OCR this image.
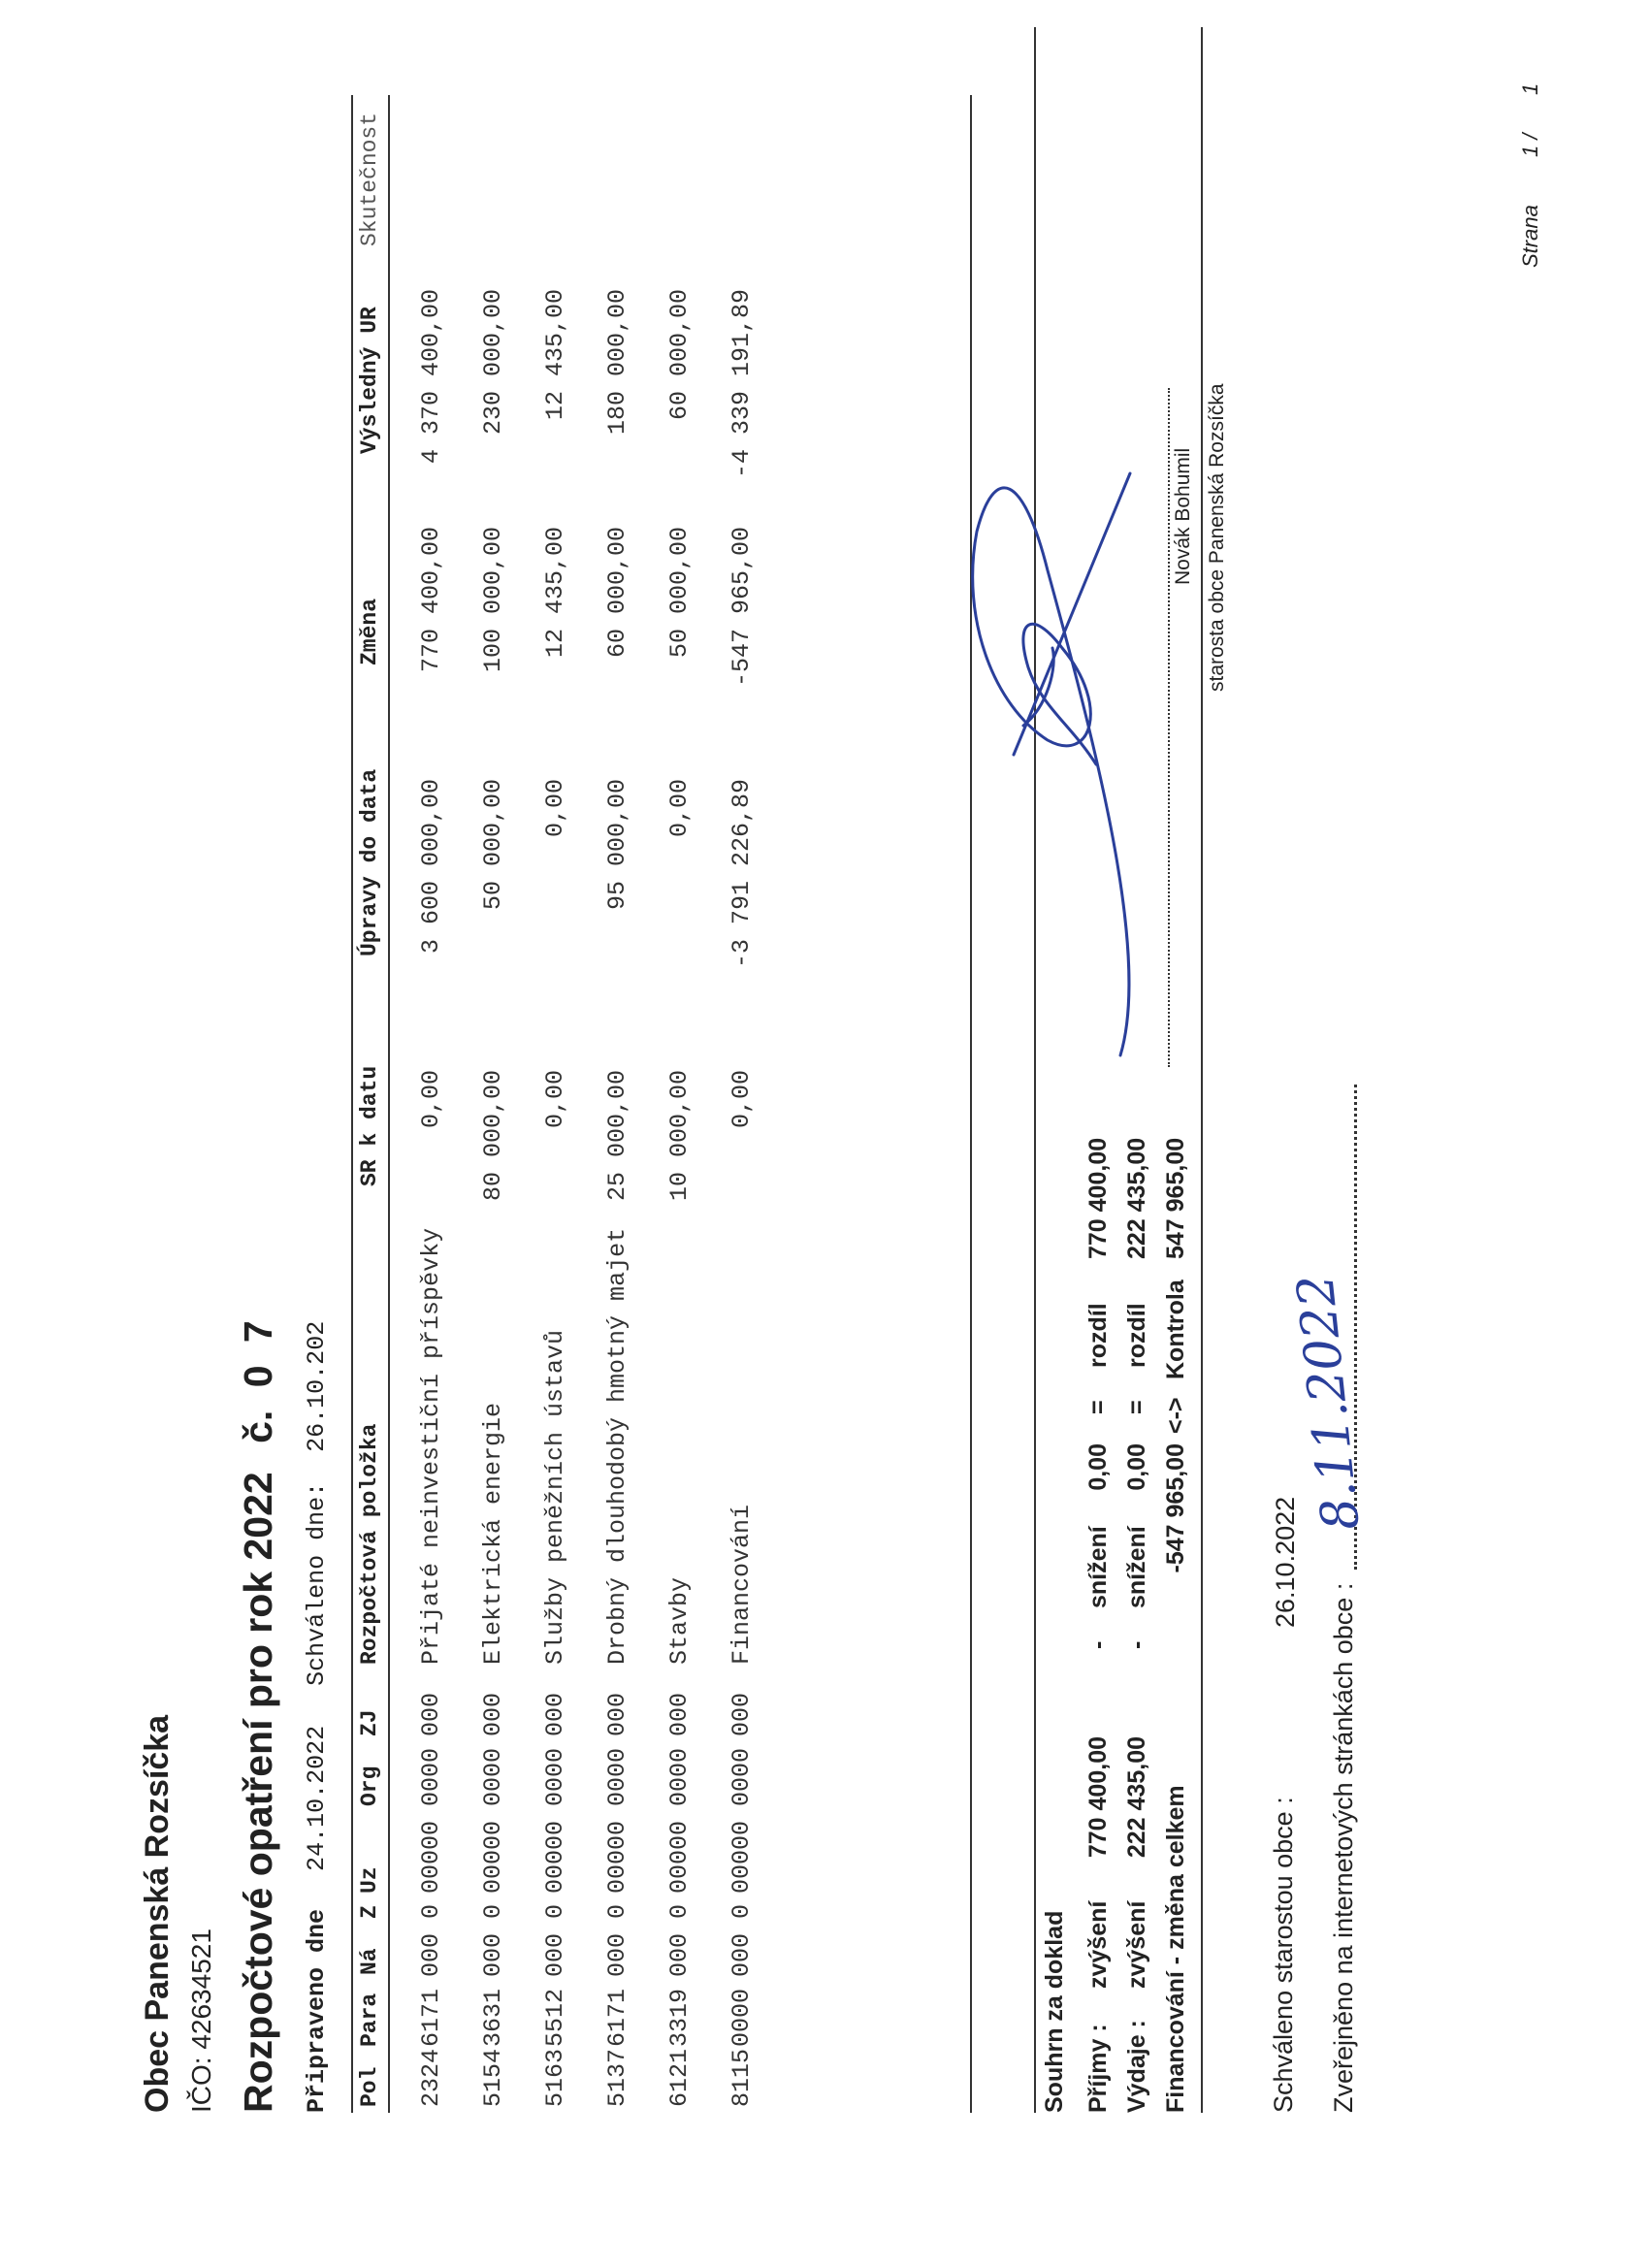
Obec Panenská Rozsíčka IČO: 42634521 Rozpočtové opatření pro rok 2022 č. 0 7
Připraveno dne 24.10.2022 Schváleno dne: 26.10.202
Pol
Para
Ná
Z
Uz
Org
ZJ
Rozpočtová položka
SR k datu
Úpravy do data
Změna
Výsledný UR
Skutečnost
2324
6171
000
0
00000
0000
000
Přijaté neinvestiční příspěvky
0,00
3 600 000,00
770 400,00
4 370 400,00
5154
3631
000
0
00000
0000
000
Elektrická energie
80 000,00
50 000,00
100 000,00
230 000,00
5163
5512
000
0
00000
0000
000
Služby peněžních ústavů
0,00
0,00
12 435,00
12 435,00
5137
6171
000
0
00000
0000
000
Drobný dlouhodobý hmotný majet
25 000,00
95 000,00
60 000,00
180 000,00
6121
3319
000
0
00000
0000
000
Stavby
10 000,00
0,00
50 000,00
60 000,00
8115
0000
000
0
00000
0000
000
Financování
0,00
-3 791 226,89
-547 965,00
-4 339 191,89
Souhrn za doklad Příjmy :
zvýšení
770 400,00
-
snížení
0,00
=
rozdíl
770 400,00
Výdaje :
zvýšení
222 435,00
-
snížení
0,00
=
rozdíl
222 435,00
Financování - změna celkem
-547 965,00
<->
Kontrola
547 965,00
Schváleno starostou obce :
26.10.2022
Zveřejněno na internetových stránkách obce :
8.11.2022
Novák Bohumil starosta obce Panenská Rozsíčka
Strana
1 /
1
